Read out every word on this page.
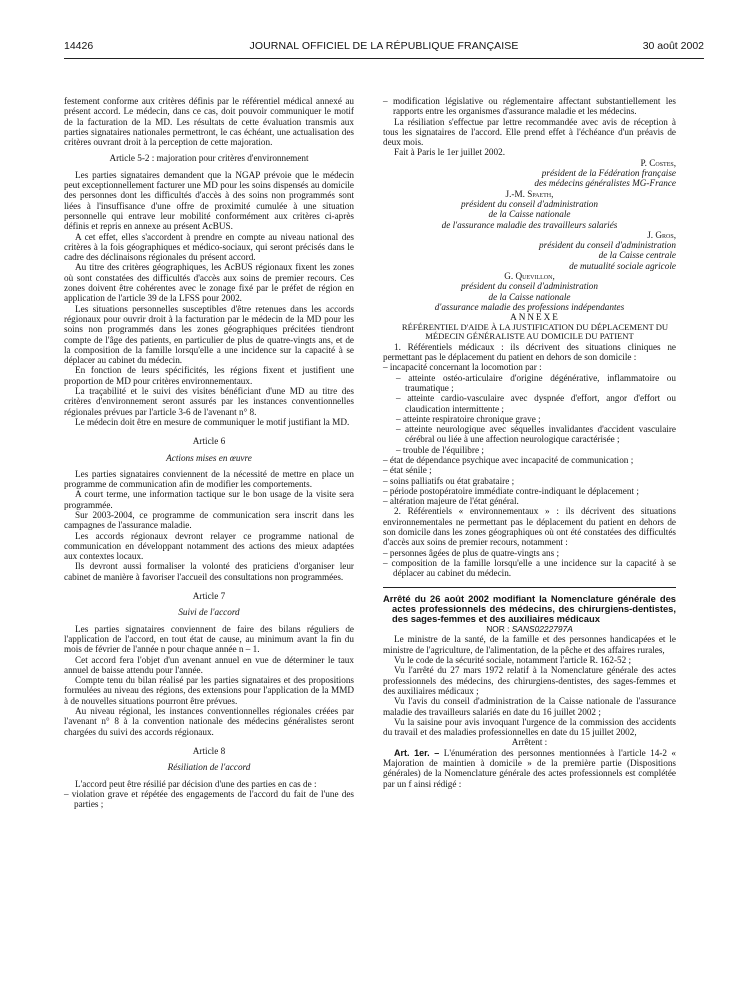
14426	JOURNAL OFFICIEL DE LA RÉPUBLIQUE FRANÇAISE	30 août 2002

festement conforme aux critères définis par le référentiel médical annexé au présent accord. Le médecin, dans ce cas, doit pouvoir communiquer le motif de la facturation de la MD. Les résultats de cette évaluation transmis aux parties signataires nationales permettront, le cas échéant, une actualisation des critères ouvrant droit à la perception de cette majoration.

Article 5-2 : majoration pour critères d'environnement

Les parties signataires demandent que la NGAP prévoie que le médecin peut exceptionnellement facturer une MD pour les soins dispensés au domicile des personnes dont les difficultés d'accès à des soins non programmés sont liées à l'insuffisance d'une offre de proximité cumulée à une situation personnelle qui entrave leur mobilité conformément aux critères ci-après définis et repris en annexe au présent AcBUS.

A cet effet, elles s'accordent à prendre en compte au niveau national des critères à la fois géographiques et médico-sociaux, qui seront précisés dans le cadre des déclinaisons régionales du présent accord.

Au titre des critères géographiques, les AcBUS régionaux fixent les zones où sont constatées des difficultés d'accès aux soins de premier recours. Ces zones doivent être cohérentes avec le zonage fixé par le préfet de région en application de l'article 39 de la LFSS pour 2002.

Les situations personnelles susceptibles d'être retenues dans les accords régionaux pour ouvrir droit à la facturation par le médecin de la MD pour les soins non programmés dans les zones géographiques précitées tiendront compte de l'âge des patients, en particulier de plus de quatre-vingts ans, et de la composition de la famille lorsqu'elle a une incidence sur la capacité à se déplacer au cabinet du médecin.

En fonction de leurs spécificités, les régions fixent et justifient une proportion de MD pour critères environnementaux.

La traçabilité et le suivi des visites bénéficiant d'une MD au titre des critères d'environnement seront assurés par les instances conventionnelles régionales prévues par l'article 3-6 de l'avenant n° 8.

Le médecin doit être en mesure de communiquer le motif justifiant la MD.

Article 6

Actions mises en œuvre

Les parties signataires conviennent de la nécessité de mettre en place un programme de communication afin de modifier les comportements.

A court terme, une information tactique sur le bon usage de la visite sera programmée.

Sur 2003-2004, ce programme de communication sera inscrit dans les campagnes de l'assurance maladie.

Les accords régionaux devront relayer ce programme national de communication en développant notamment des actions des mieux adaptées aux contextes locaux.

Ils devront aussi formaliser la volonté des praticiens d'organiser leur cabinet de manière à favoriser l'accueil des consultations non programmées.

Article 7

Suivi de l'accord

Les parties signataires conviennent de faire des bilans réguliers de l'application de l'accord, en tout état de cause, au minimum avant la fin du mois de février de l'année n pour chaque année n – 1.

Cet accord fera l'objet d'un avenant annuel en vue de déterminer le taux annuel de baisse attendu pour l'année.

Compte tenu du bilan réalisé par les parties signataires et des propositions formulées au niveau des régions, des extensions pour l'application de la MMD à de nouvelles situations pourront être prévues.

Au niveau régional, les instances conventionnelles régionales créées par l'avenant n° 8 à la convention nationale des médecins généralistes seront chargées du suivi des accords régionaux.

Article 8

Résiliation de l'accord

L'accord peut être résilié par décision d'une des parties en cas de :

– violation grave et répétée des engagements de l'accord du fait de l'une des parties ;

– modification législative ou réglementaire affectant substantiellement les rapports entre les organismes d'assurance maladie et les médecins.

La résiliation s'effectue par lettre recommandée avec avis de réception à tous les signataires de l'accord. Elle prend effet à l'échéance d'un préavis de deux mois.

Fait à Paris le 1er juillet 2002.

P. Costes,
président de la Fédération française
des médecins généralistes MG-France

J.-M. Spaeth,
président du conseil d'administration
de la Caisse nationale
de l'assurance maladie des travailleurs salariés

J. Gros,
président du conseil d'administration
de la Caisse centrale
de mutualité sociale agricole

G. Quevillon,
président du conseil d'administration
de la Caisse nationale
d'assurance maladie des professions indépendantes

ANNEXE

RÉFÉRENTIEL D'AIDE À LA JUSTIFICATION DU DÉPLACEMENT DU MÉDECIN GÉNÉRALISTE AU DOMICILE DU PATIENT

1. Référentiels médicaux : ils décrivent des situations cliniques ne permettant pas le déplacement du patient en dehors de son domicile :

– incapacité concernant la locomotion par :

– atteinte ostéo-articulaire d'origine dégénérative, inflammatoire ou traumatique ;

– atteinte cardio-vasculaire avec dyspnée d'effort, angor d'effort ou claudication intermittente ;

– atteinte respiratoire chronique grave ;

– atteinte neurologique avec séquelles invalidantes d'accident vasculaire cérébral ou liée à une affection neurologique caractérisée ;

– trouble de l'équilibre ;

– état de dépendance psychique avec incapacité de communication ;

– état sénile ;

– soins palliatifs ou état grabataire ;

– période postopératoire immédiate contre-indiquant le déplacement ;

– altération majeure de l'état général.

2. Référentiels « environnementaux » : ils décrivent des situations environnementales ne permettant pas le déplacement du patient en dehors de son domicile dans les zones géographiques où ont été constatées des difficultés d'accès aux soins de premier recours, notamment :

– personnes âgées de plus de quatre-vingts ans ;

– composition de la famille lorsqu'elle a une incidence sur la capacité à se déplacer au cabinet du médecin.

Arrêté du 26 août 2002 modifiant la Nomenclature générale des actes professionnels des médecins, des chirurgiens-dentistes, des sages-femmes et des auxiliaires médicaux

NOR : SANS0222797A

Le ministre de la santé, de la famille et des personnes handicapées et le ministre de l'agriculture, de l'alimentation, de la pêche et des affaires rurales,

Vu le code de la sécurité sociale, notamment l'article R. 162-52 ;

Vu l'arrêté du 27 mars 1972 relatif à la Nomenclature générale des actes professionnels des médecins, des chirurgiens-dentistes, des sages-femmes et des auxiliaires médicaux ;

Vu l'avis du conseil d'administration de la Caisse nationale de l'assurance maladie des travailleurs salariés en date du 16 juillet 2002 ;

Vu la saisine pour avis invoquant l'urgence de la commission des accidents du travail et des maladies professionnelles en date du 15 juillet 2002,

Arrêtent :

Art. 1er. – L'énumération des personnes mentionnées à l'article 14-2 « Majoration de maintien à domicile » de la première partie (Dispositions générales) de la Nomenclature générale des actes professionnels est complétée par un f ainsi rédigé :
